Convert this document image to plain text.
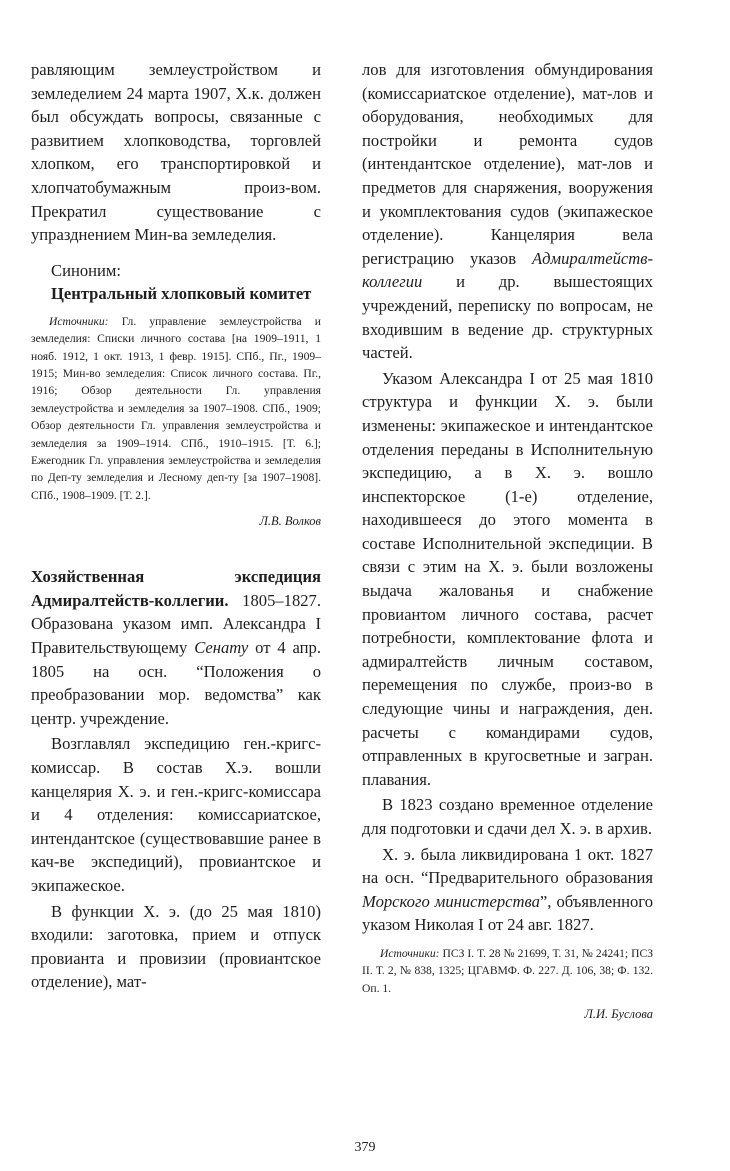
равляющим землеустройством и земледелием 24 марта 1907, Х.к. должен был обсуждать вопросы, связанные с развитием хлопководства, торговлей хлопком, его транспортировкой и хлопчатобумажным произ-вом. Прекратил существование с упразднением Мин-ва земледелия.

Синоним:

Центральный хлопковый комитет

Источники: Гл. управление землеустройства и земледелия: Списки личного состава [на 1909–1911, 1 нояб. 1912, 1 окт. 1913, 1 февр. 1915]. СПб., Пг., 1909–1915; Мин-во земледелия: Список личного состава. Пг., 1916; Обзор деятельности Гл. управления землеустройства и земледелия за 1907–1908. СПб., 1909; Обзор деятельности Гл. управления землеустройства и земледелия за 1909–1914. СПб., 1910–1915. [Т. 6.]; Ежегодник Гл. управления землеустройства и земледелия по Деп-ту земледелия и Лесному деп-ту [за 1907–1908]. СПб., 1908–1909. [Т. 2.].

Л.В. Волков

Хозяйственная экспедиция Адмиралтейств-коллегии. 1805–1827. Образована указом имп. Александра I Правительствующему Сенату от 4 апр. 1805 на осн. “Положения о преобразовании мор. ведомства” как центр. учреждение.

Возглавлял экспедицию ген.-кригс-комиссар. В состав Х.э. вошли канцелярия Х. э. и ген.-кригс-комиссара и 4 отделения: комиссариатское, интендантское (существовавшие ранее в кач-ве экспедиций), провиантское и экипажеское.

В функции Х. э. (до 25 мая 1810) входили: заготовка, прием и отпуск провианта и провизии (провиантское отделение), мат-

лов для изготовления обмундирования (комиссариатское отделение), мат-лов и оборудования, необходимых для постройки и ремонта судов (интендантское отделение), мат-лов и предметов для снаряжения, вооружения и укомплектования судов (экипажеское отделение). Канцелярия вела регистрацию указов Адмиралтейств-коллегии и др. вышестоящих учреждений, переписку по вопросам, не входившим в ведение др. структурных частей.

Указом Александра I от 25 мая 1810 структура и функции Х. э. были изменены: экипажеское и интендантское отделения переданы в Исполнительную экспедицию, а в Х. э. вошло инспекторское (1-е) отделение, находившееся до этого момента в составе Исполнительной экспедиции. В связи с этим на Х. э. были возложены выдача жалованья и снабжение провиантом личного состава, расчет потребности, комплектование флота и адмиралтейств личным составом, перемещения по службе, произ-во в следующие чины и награждения, ден. расчеты с командирами судов, отправленных в кругосветные и загран. плавания.

В 1823 создано временное отделение для подготовки и сдачи дел Х. э. в архив.

Х. э. была ликвидирована 1 окт. 1827 на осн. “Предварительного образования Морского министерства”, объявленного указом Николая I от 24 авг. 1827.

Источники: ПСЗ I. Т. 28 № 21699, Т. 31, № 24241; ПСЗ II. Т. 2, № 838, 1325; ЦГАВМФ. Ф. 227. Д. 106, 38; Ф. 132. Оп. 1.

Л.И. Буслова

379
